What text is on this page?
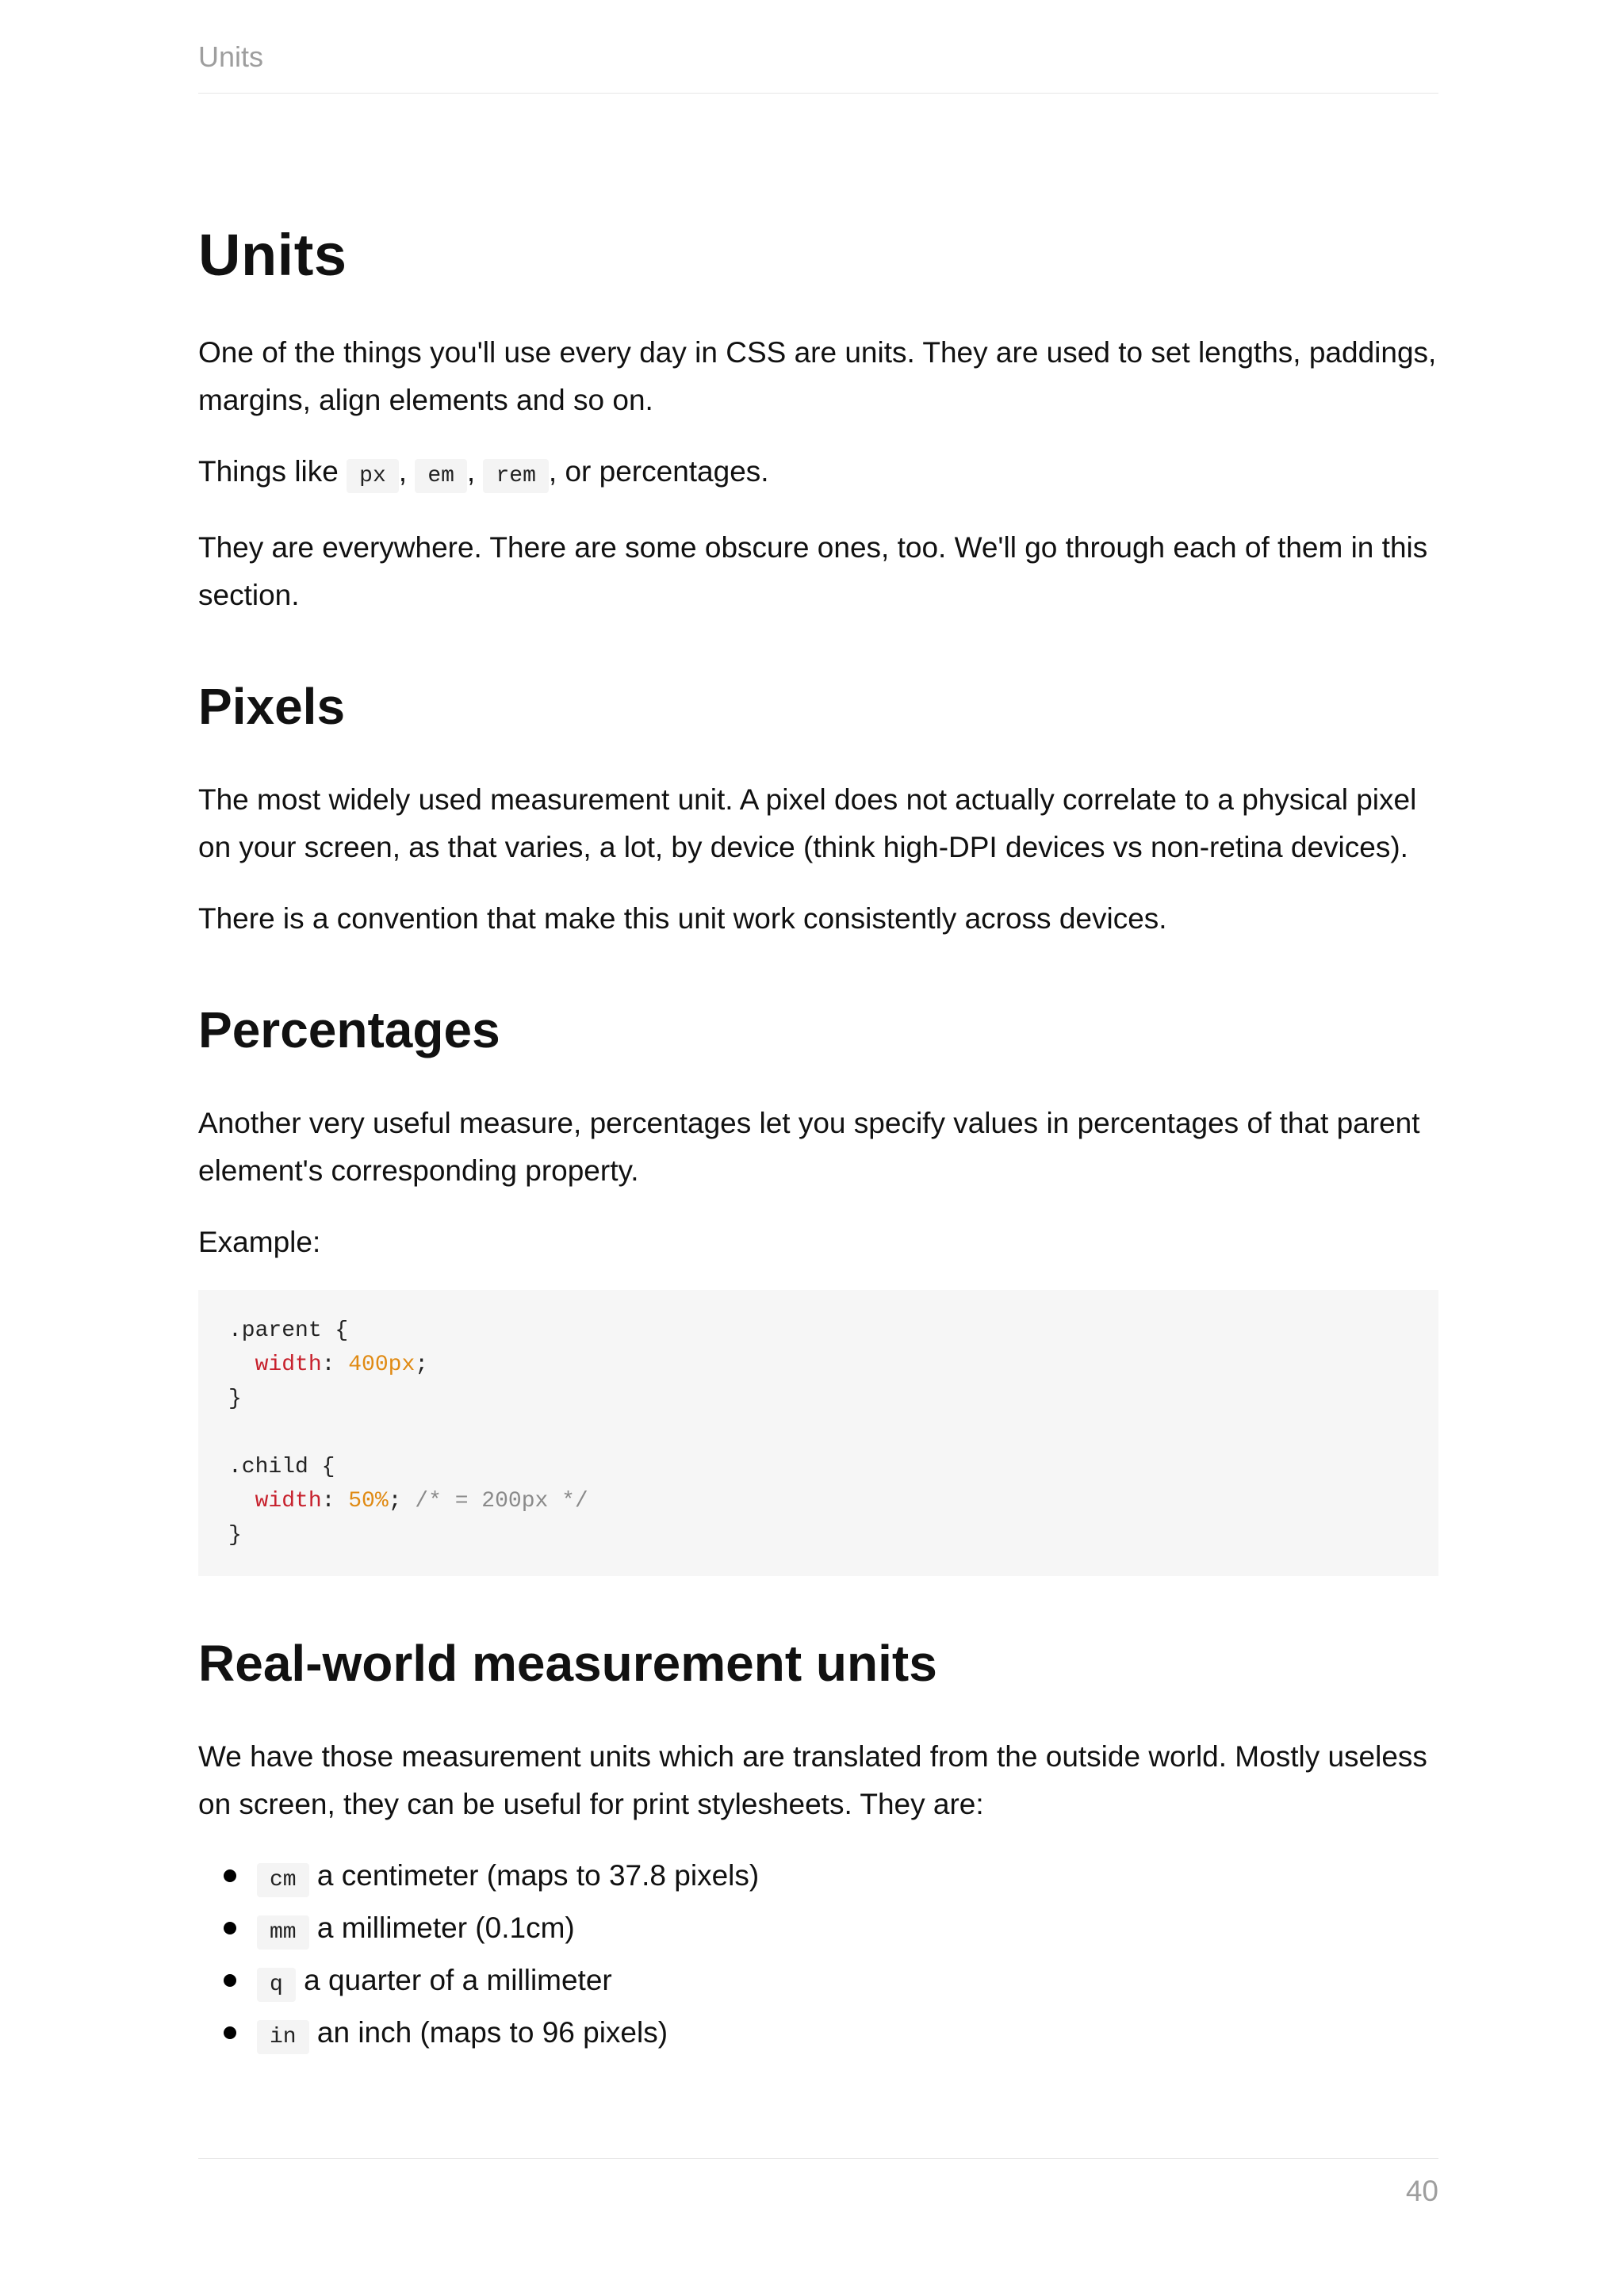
Units
Units

One of the things you'll use every day in CSS are units. They are used to set lengths, paddings, margins, align elements and so on.

Things like px , em , rem , or percentages.

They are everywhere. There are some obscure ones, too. We'll go through each of them in this section.

Pixels

The most widely used measurement unit. A pixel does not actually correlate to a physical pixel on your screen, as that varies, a lot, by device (think high-DPI devices vs non-retina devices).

There is a convention that make this unit work consistently across devices.

Percentages

Another very useful measure, percentages let you specify values in percentages of that parent element's corresponding property.

Example:

.parent {
width: 400px;
}

.child {
width: 50%; /* = 200px */
}
Real-world measurement units

We have those measurement units which are translated from the outside world. Mostly useless on screen, they can be useful for print stylesheets. They are:

cm a centimeter (maps to 37.8 pixels)
mm a millimeter (0.1cm)
q a quarter of a millimeter
in an inch (maps to 96 pixels)
40
